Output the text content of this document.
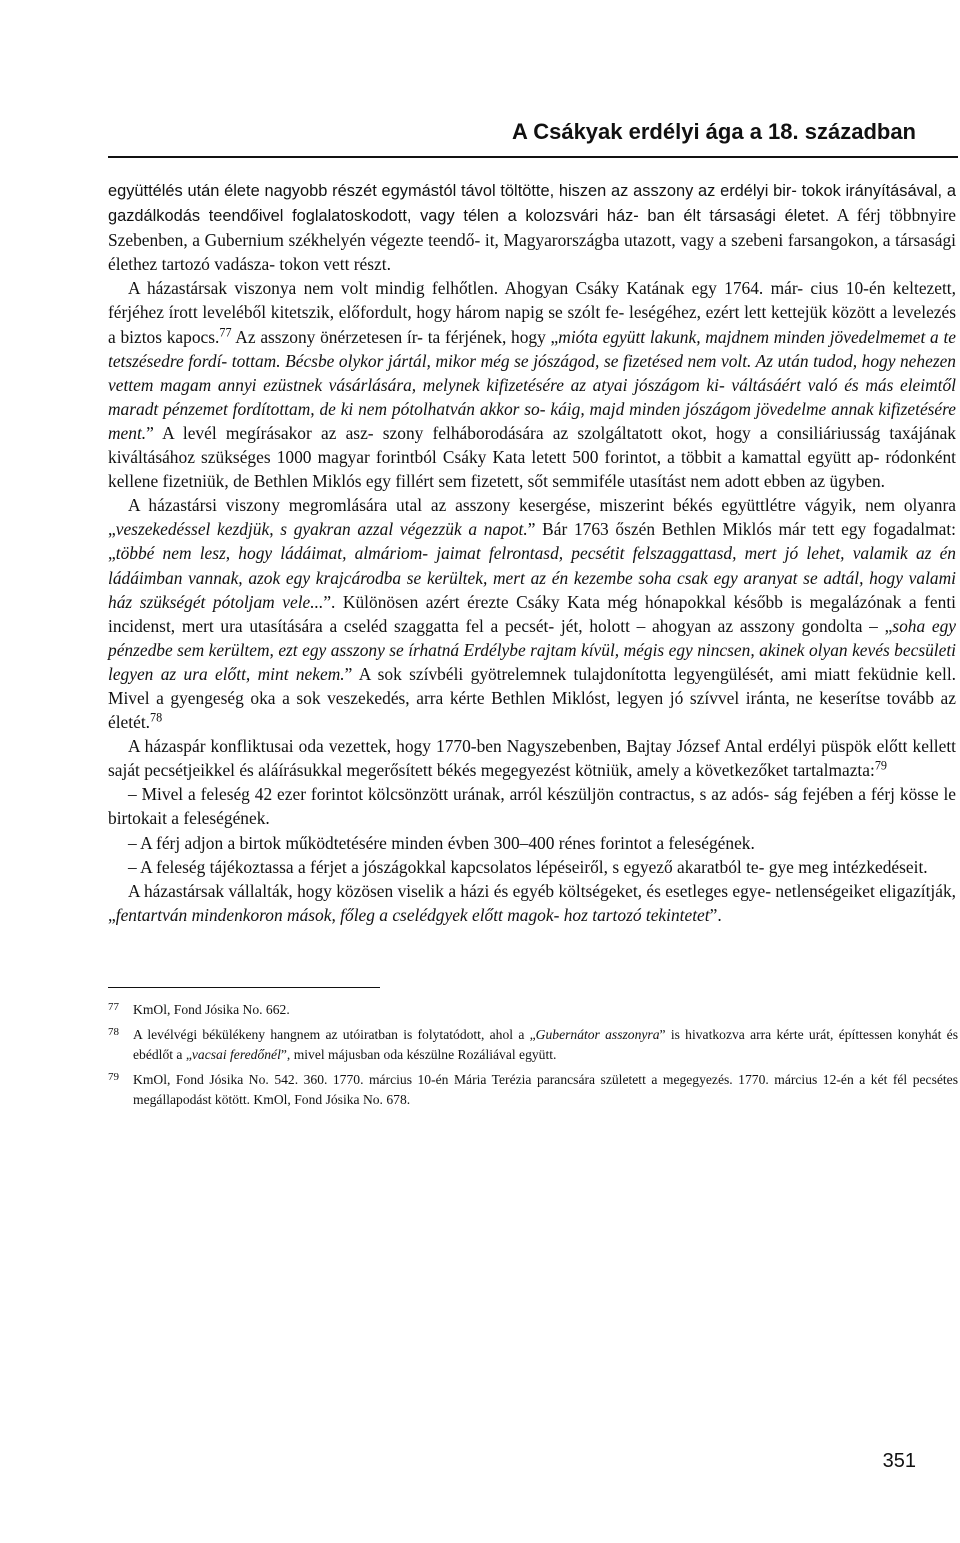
A Csákyak erdélyi ága a 18. században

együttélés után élete nagyobb részét egymástól távol töltötte, hiszen az asszony az erdélyi bir- tokok irányításával, a gazdálkodás teendőivel foglalatoskodott, vagy télen a kolozsvári ház- ban élt társasági életet. A férj többnyire Szebenben, a Gubernium székhelyén végezte teendő- it, Magyarországba utazott, vagy a szebeni farsangokon, a társasági élethez tartozó vadásza- tokon vett részt.

A házastársak viszonya nem volt mindig felhőtlen. Ahogyan Csáky Katának egy 1764. már- cius 10-én keltezett, férjéhez írott leveléből kitetszik, előfordult, hogy három napig se szólt fe- leségéhez, ezért lett kettejük között a levelezés a biztos kapocs.$^{77}$ Az asszony önérzetesen ír- ta férjének, hogy „mióta együtt lakunk, majdnem minden jövedelmemet a te tetszésedre fordí- tottam. Bécsbe olykor jártál, mikor még se jószágod, se fizetésed nem volt. Az után tudod, hogy nehezen vettem magam annyi ezüstnek vásárlására, melynek kifizetésére az atyai jószágom ki- váltásáért való és más eleimtől maradt pénzemet fordítottam, de ki nem pótolhatván akkor so- káig, majd minden jószágom jövedelme annak kifizetésére ment.” A levél megírásakor az asz- szony felháborodására az szolgáltatott okot, hogy a consiliáriusság taxájának kiváltásához szükséges 1000 magyar forintból Csáky Kata letett 500 forintot, a többit a kamattal együtt ap- ródonként kellene fizetniük, de Bethlen Miklós egy fillért sem fizetett, sőt semmiféle utasítást nem adott ebben az ügyben.

A házastársi viszony megromlására utal az asszony kesergése, miszerint békés együttlétre vágyik, nem olyanra „veszekedéssel kezdjük, s gyakran azzal végezzük a napot.” Bár 1763 őszén Bethlen Miklós már tett egy fogadalmat: „többé nem lesz, hogy ládáimat, almáriom- jaimat felrontasd, pecsétit felszaggattasd, mert jó lehet, valamik az én ládáimban vannak, azok egy krajcárodba se kerültek, mert az én kezembe soha csak egy aranyat se adtál, hogy valami ház szükségét pótoljam vele...”. Különösen azért érezte Csáky Kata még hónapokkal később is megalázónak a fenti incidenst, mert ura utasítására a cseléd szaggatta fel a pecsét- jét, holott – ahogyan az asszony gondolta – „soha egy pénzedbe sem kerültem, ezt egy asszony se írhatná Erdélybe rajtam kívül, mégis egy nincsen, akinek olyan kevés becsületi legyen az ura előtt, mint nekem.” A sok szívbéli gyötrelemnek tulajdonította legyengülését, ami miatt feküdnie kell. Mivel a gyengeség oka a sok veszekedés, arra kérte Bethlen Miklóst, legyen jó szívvel iránta, ne keserítse tovább az életét.$^{78}$

A házaspár konfliktusai oda vezettek, hogy 1770-ben Nagyszebenben, Bajtay József Antal erdélyi püspök előtt kellett saját pecsétjeikkel és aláírásukkal megerősített békés megegyezést kötniük, amely a következőket tartalmazta:$^{79}$

– Mivel a feleség 42 ezer forintot kölcsönzött urának, arról készüljön contractus, s az adós- ság fejében a férj kösse le birtokait a feleségének.

– A férj adjon a birtok működtetésére minden évben 300–400 rénes forintot a feleségének.

– A feleség tájékoztassa a férjet a jószágokkal kapcsolatos lépéseiről, s egyező akaratból te- gye meg intézkedéseit.

A házastársak vállalták, hogy közösen viselik a házi és egyéb költségeket, és esetleges egye- netlenségeiket eligazítják, „fentartván mindenkoron mások, főleg a cselédgyek előtt magok- hoz tartozó tekintetet”.

$^{77}$	KmOl, Fond Jósika No. 662.
$^{78}$	A levélvégi békülékeny hangnem az utóiratban is folytatódott, ahol a „Gubernátor asszonyra” is hivatkozva arra kérte urát, építtessen konyhát és ebédlőt a „vacsai feredőnél”, mivel májusban oda készülne Rozáliával együtt.
$^{79}$	KmOl, Fond Jósika No. 542. 360. 1770. március 10-én Mária Terézia parancsára született a megegyezés. 1770. március 12-én a két fél pecsétes megállapodást kötött. KmOl, Fond Jósika No. 678.

351
